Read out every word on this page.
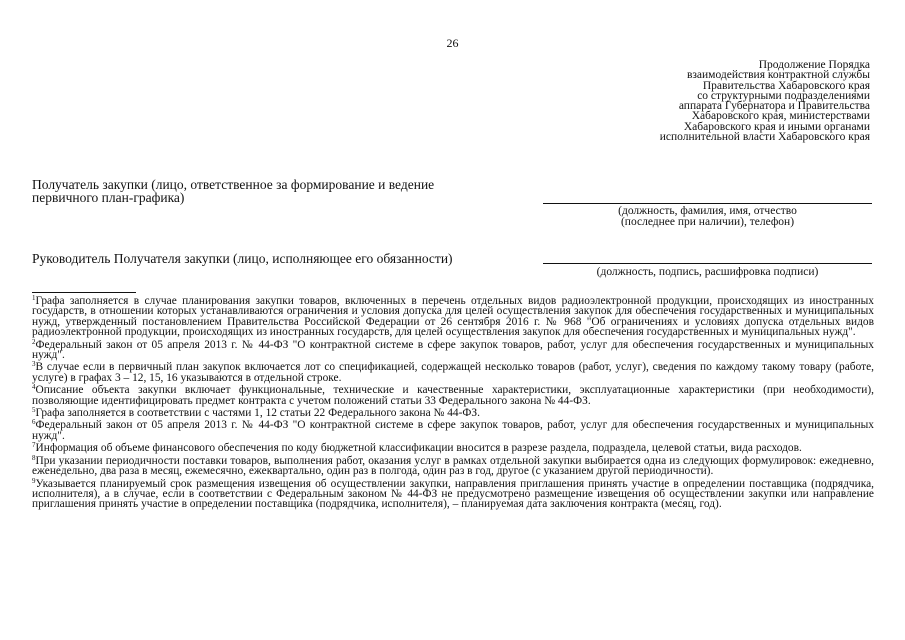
26
Продолжение Порядка
взаимодействия контрактной службы
Правительства Хабаровского края
со структурными подразделениями
аппарата Губернатора и Правительства
Хабаровского края, министерствами
Хабаровского края и иными органами
исполнительной власти Хабаровского края
Получатель закупки (лицо, ответственное за формирование и ведение
первичного план-графика)
(должность, фамилия, имя, отчество
(последнее при наличии), телефон)
Руководитель Получателя закупки (лицо, исполняющее его обязанности)
(должность, подпись, расшифровка подписи)
$^1$Графа заполняется в случае планирования закупки товаров, включенных в перечень отдельных видов радиоэлектронной продукции, происходящих из иностранных государств, в отношении которых устанавливаются ограничения и условия допуска для целей осуществления закупок для обеспечения государственных и муниципальных нужд, утвержденный постановлением Правительства Российской Федерации от 26 сентября 2016 г. № 968 "Об ограничениях и условиях допуска отдельных видов радиоэлектронной продукции, происходящих из иностранных государств, для целей осуществления закупок для обеспечения государственных и муниципальных нужд".
$^2$Федеральный закон от 05 апреля 2013 г. № 44-ФЗ "О контрактной системе в сфере закупок товаров, работ, услуг для обеспечения государственных и муниципальных нужд".
$^3$В случае если в первичный план закупок включается лот со спецификацией, содержащей несколько товаров (работ, услуг), сведения по каждому такому товару (работе, услуге) в графах 3 – 12, 15, 16 указываются в отдельной строке.
$^4$Описание объекта закупки включает функциональные, технические и качественные характеристики, эксплуатационные характеристики (при необходимости), позволяющие идентифицировать предмет контракта с учетом положений статьи 33 Федерального закона № 44-ФЗ.
$^5$Графа заполняется в соответствии с частями 1, 12 статьи 22 Федерального закона № 44-ФЗ.
$^6$Федеральный закон от 05 апреля 2013 г. № 44-ФЗ "О контрактной системе в сфере закупок товаров, работ, услуг для обеспечения государственных и муниципальных нужд".
$^7$Информация об объеме финансового обеспечения по коду бюджетной классификации вносится в разрезе раздела, подраздела, целевой статьи, вида расходов.
$^8$При указании периодичности поставки товаров, выполнения работ, оказания услуг в рамках отдельной закупки выбирается одна из следующих формулировок: ежедневно, еженедельно, два раза в месяц, ежемесячно, ежеквартально, один раз в полгода, один раз в год, другое (с указанием другой периодичности).
$^9$Указывается планируемый срок размещения извещения об осуществлении закупки, направления приглашения принять участие в определении поставщика (подрядчика, исполнителя), а в случае, если в соответствии с Федеральным законом № 44-ФЗ не предусмотрено размещение извещения об осуществлении закупки или направление приглашения принять участие в определении поставщика (подрядчика, исполнителя), – планируемая дата заключения контракта (месяц, год).
